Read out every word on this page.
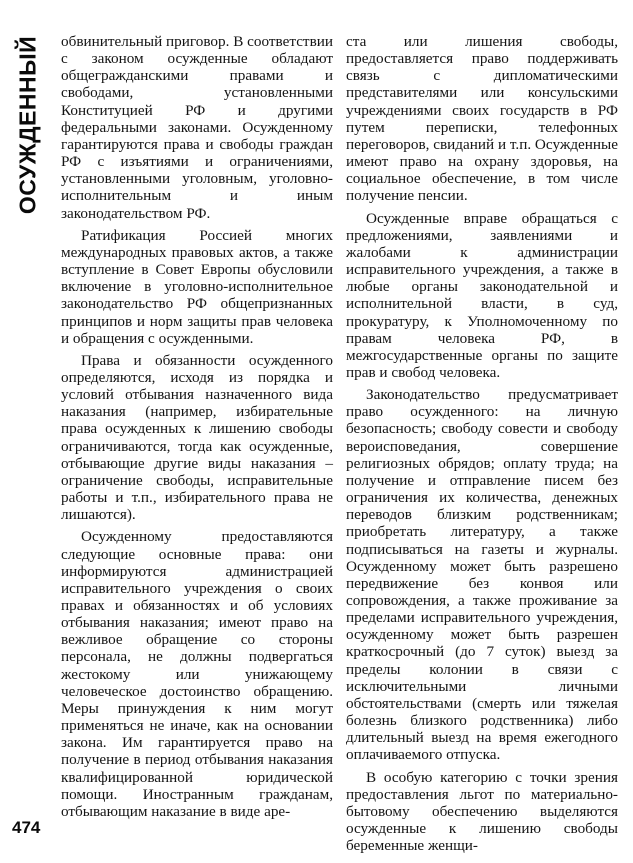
ОСУЖДЕННЫЙ обвинительный приговор. В соответствии с законом осужденные обладают общегражданскими правами и свободами, установленными Конституцией РФ и другими федеральными законами. Осужденному гарантируются права и свободы граждан РФ с изъятиями и ограничениями, установленными уголовным, уголовно-исполнительным и иным законодательством РФ.

Ратификация Россией многих международных правовых актов, а также вступление в Совет Европы обусловили включение в уголовно-исполнительное законодательство РФ общепризнанных принципов и норм защиты прав человека и обращения с осужденными.

Права и обязанности осужденного определяются, исходя из порядка и условий отбывания назначенного вида наказания (например, избирательные права осужденных к лишению свободы ограничиваются, тогда как осужденные, отбывающие другие виды наказания – ограничение свободы, исправительные работы и т.п., избирательного права не лишаются).

Осужденному предоставляются следующие основные права: они информируются администрацией исправительного учреждения о своих правах и обязанностях и об условиях отбывания наказания; имеют право на вежливое обращение со стороны персонала, не должны подвергаться жестокому или унижающему человеческое достоинство обращению. Меры принуждения к ним могут применяться не иначе, как на основании закона. Им гарантируется право на получение в период отбывания наказания квалифицированной юридической помощи. Иностранным гражданам, отбывающим наказание в виде аре-

ста или лишения свободы, предоставляется право поддерживать связь с дипломатическими представителями или консульскими учреждениями своих государств в РФ путем переписки, телефонных переговоров, свиданий и т.п. Осужденные имеют право на охрану здоровья, на социальное обеспечение, в том числе получение пенсии.

Осужденные вправе обращаться с предложениями, заявлениями и жалобами к администрации исправительного учреждения, а также в любые органы законодательной и исполнительной власти, в суд, прокуратуру, к Уполномоченному по правам человека РФ, в межгосударственные органы по защите прав и свобод человека.

Законодательство предусматривает право осужденного: на личную безопасность; свободу совести и свободу вероисповедания, совершение религиозных обрядов; оплату труда; на получение и отправление писем без ограничения их количества, денежных переводов близким родственникам; приобретать литературу, а также подписываться на газеты и журналы. Осужденному может быть разрешено передвижение без конвоя или сопровождения, а также проживание за пределами исправительного учреждения, осужденному может быть разрешен краткосрочный (до 7 суток) выезд за пределы колонии в связи с исключительными личными обстоятельствами (смерть или тяжелая болезнь близкого родственника) либо длительный выезд на время ежегодного оплачиваемого отпуска.

В особую категорию с точки зрения предоставления льгот по материально-бытовому обеспечению выделяются осужденные к лишению свободы беременные женщи-

474
